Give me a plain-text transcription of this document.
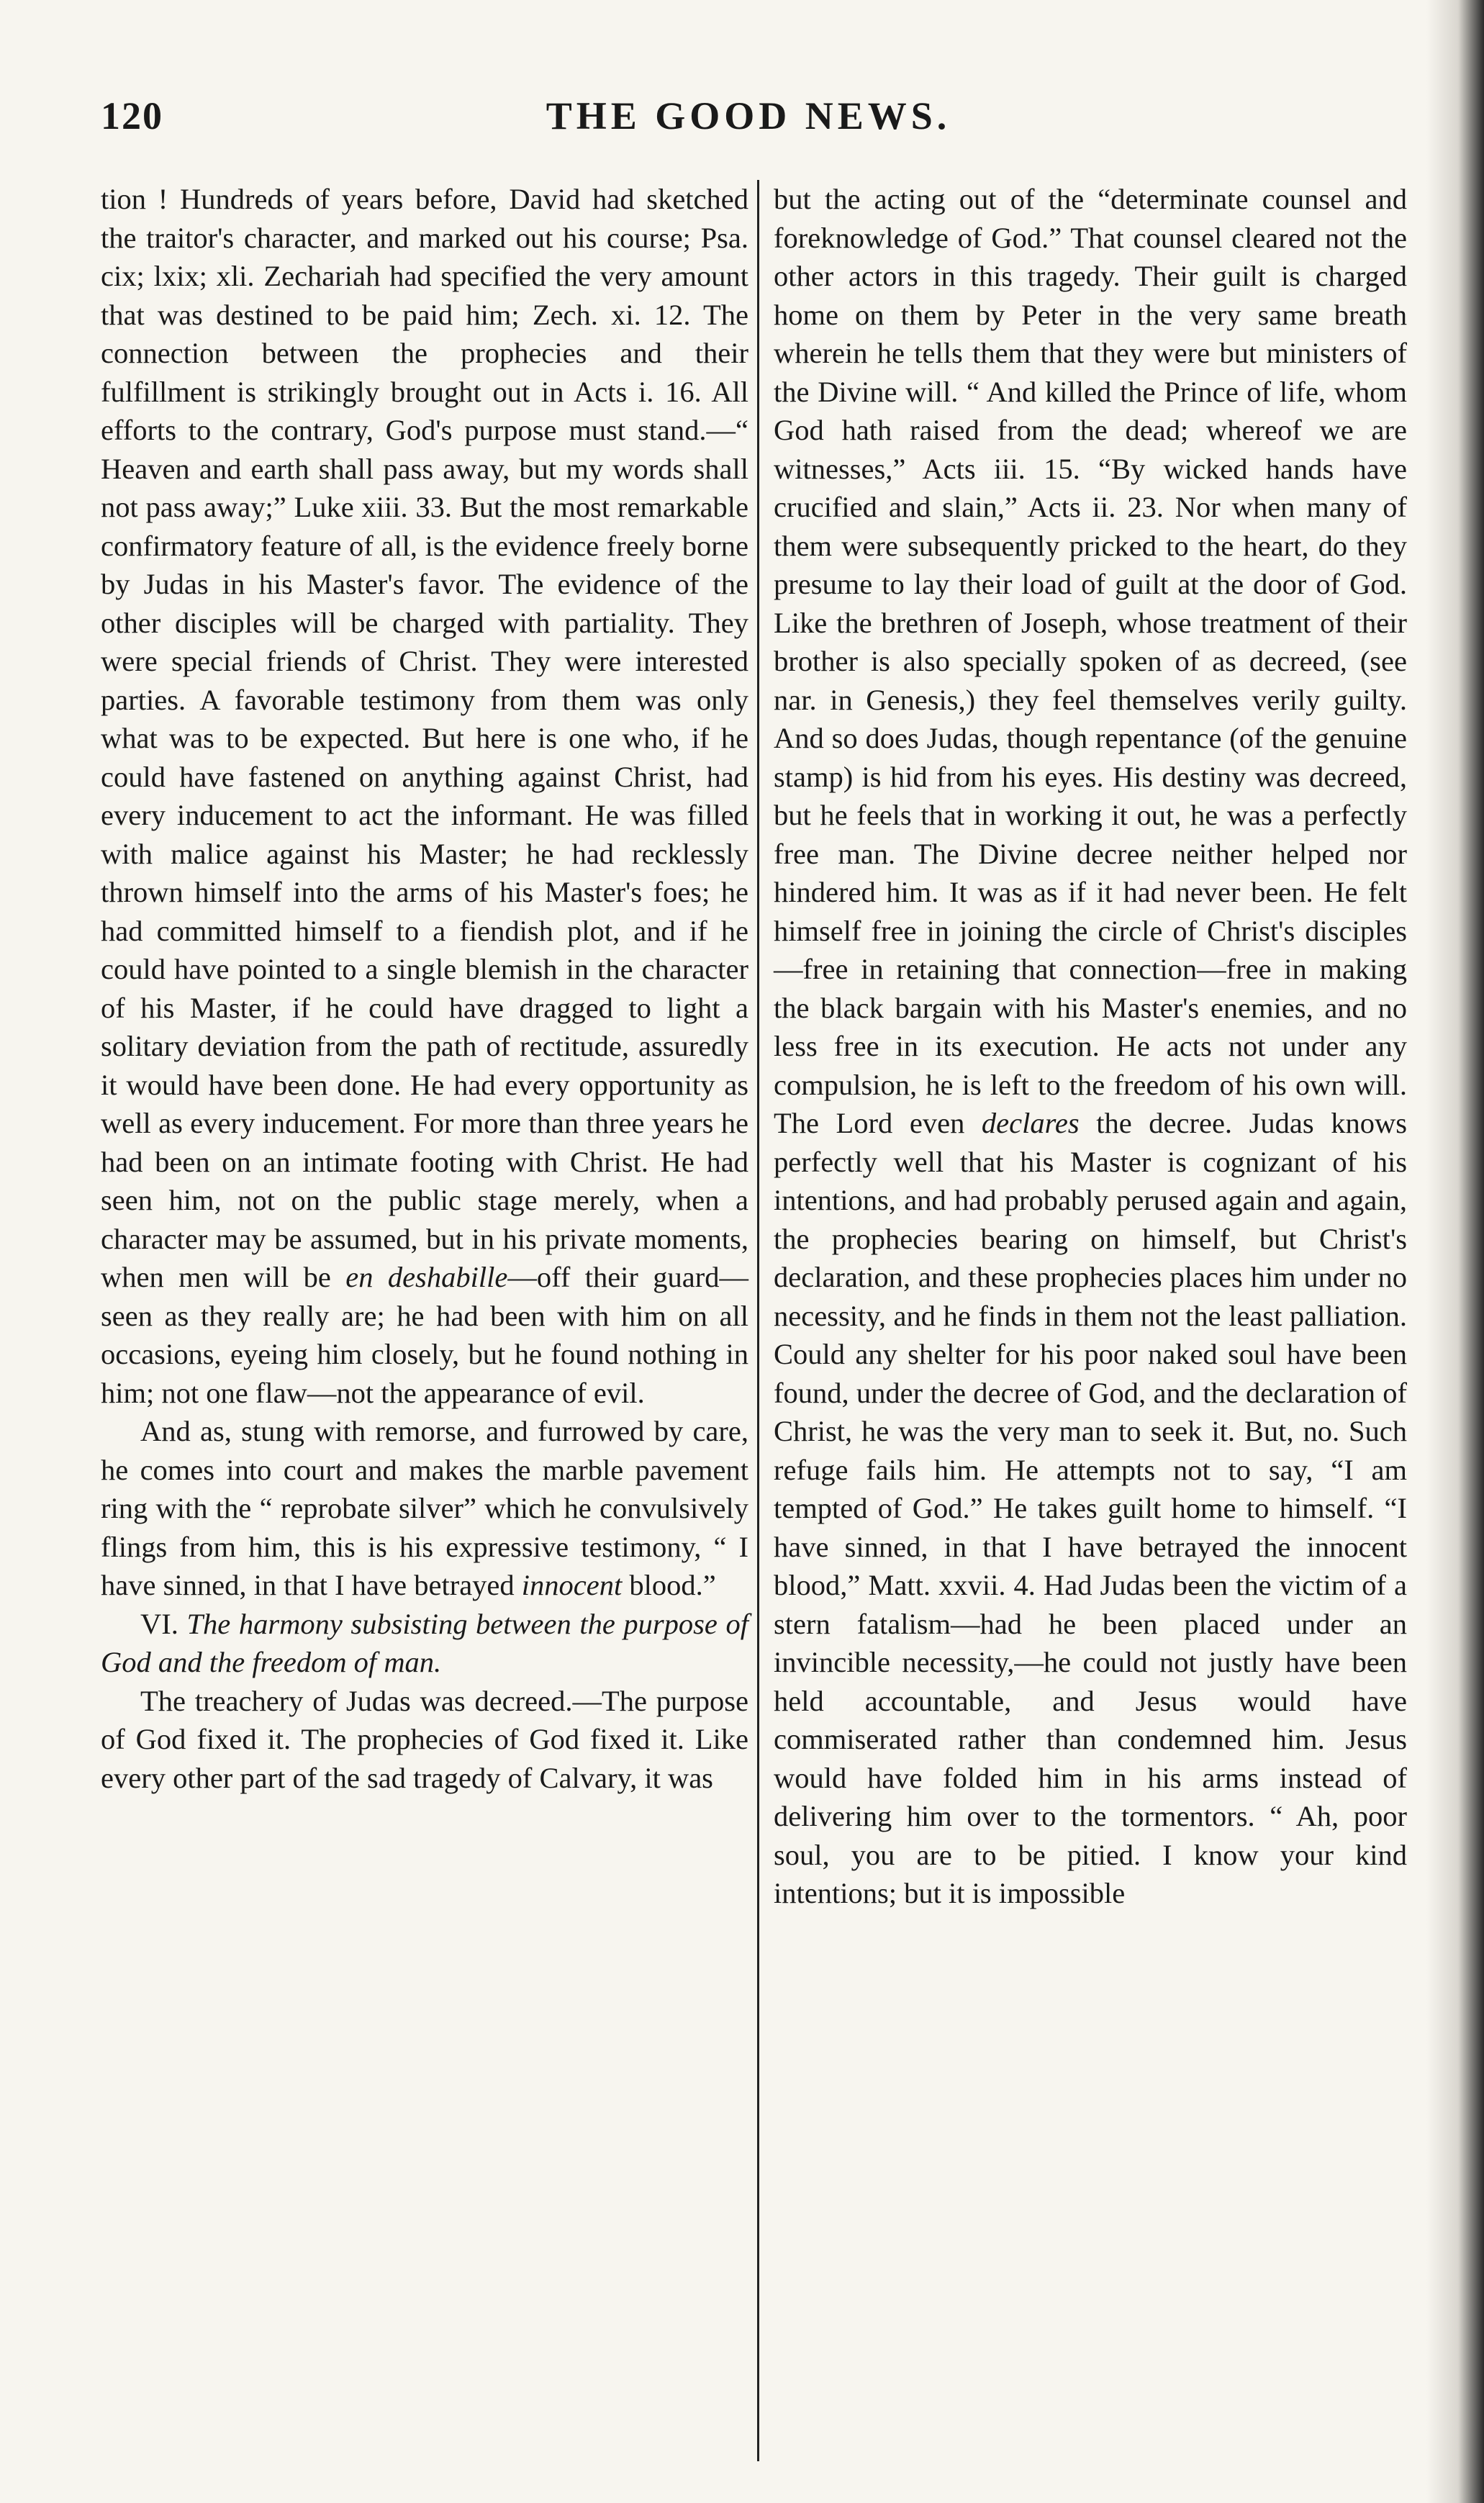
120	THE GOOD NEWS.

tion ! Hundreds of years before, David had sketched the traitor's character, and marked out his course; Psa. cix; lxix; xli. Zechariah had specified the very amount that was destined to be paid him; Zech. xi. 12. The connection between the prophecies and their fulfillment is strikingly brought out in Acts i. 16. All efforts to the contrary, God's purpose must stand.—“ Heaven and earth shall pass away, but my words shall not pass away;” Luke xiii. 33. But the most remarkable confirmatory feature of all, is the evidence freely borne by Judas in his Master's favor. The evidence of the other disciples will be charged with partiality. They were special friends of Christ. They were interested parties. A favorable testimony from them was only what was to be expected. But here is one who, if he could have fastened on anything against Christ, had every inducement to act the informant. He was filled with malice against his Master; he had recklessly thrown himself into the arms of his Master's foes; he had committed himself to a fiendish plot, and if he could have pointed to a single blemish in the character of his Master, if he could have dragged to light a solitary deviation from the path of rectitude, assuredly it would have been done. He had every opportunity as well as every inducement. For more than three years he had been on an intimate footing with Christ. He had seen him, not on the public stage merely, when a character may be assumed, but in his private moments, when men will be en deshabille—off their guard—seen as they really are; he had been with him on all occasions, eyeing him closely, but he found nothing in him; not one flaw—not the appearance of evil.

And as, stung with remorse, and furrowed by care, he comes into court and makes the marble pavement ring with the “ reprobate silver” which he convulsively flings from him, this is his expressive testimony, “ I have sinned, in that I have betrayed innocent blood.”

VI. The harmony subsisting between the purpose of God and the freedom of man.

The treachery of Judas was decreed.—The purpose of God fixed it. The prophecies of God fixed it. Like every other part of the sad tragedy of Calvary, it was

but the acting out of the “determinate counsel and foreknowledge of God.” That counsel cleared not the other actors in this tragedy. Their guilt is charged home on them by Peter in the very same breath wherein he tells them that they were but ministers of the Divine will. “ And killed the Prince of life, whom God hath raised from the dead; whereof we are witnesses,” Acts iii. 15. “By wicked hands have crucified and slain,” Acts ii. 23. Nor when many of them were subsequently pricked to the heart, do they presume to lay their load of guilt at the door of God. Like the brethren of Joseph, whose treatment of their brother is also specially spoken of as decreed, (see nar. in Genesis,) they feel themselves verily guilty. And so does Judas, though repentance (of the genuine stamp) is hid from his eyes. His destiny was decreed, but he feels that in working it out, he was a perfectly free man. The Divine decree neither helped nor hindered him. It was as if it had never been. He felt himself free in joining the circle of Christ's disciples—free in retaining that connection—free in making the black bargain with his Master's enemies, and no less free in its execution. He acts not under any compulsion, he is left to the freedom of his own will. The Lord even declares the decree. Judas knows perfectly well that his Master is cognizant of his intentions, and had probably perused again and again, the prophecies bearing on himself, but Christ's declaration, and these prophecies places him under no necessity, and he finds in them not the least palliation. Could any shelter for his poor naked soul have been found, under the decree of God, and the declaration of Christ, he was the very man to seek it. But, no. Such refuge fails him. He attempts not to say, “I am tempted of God.” He takes guilt home to himself. “I have sinned, in that I have betrayed the innocent blood,” Matt. xxvii. 4. Had Judas been the victim of a stern fatalism—had he been placed under an invincible necessity,—he could not justly have been held accountable, and Jesus would have commiserated rather than condemned him. Jesus would have folded him in his arms instead of delivering him over to the tormentors. “ Ah, poor soul, you are to be pitied. I know your kind intentions; but it is impossible
